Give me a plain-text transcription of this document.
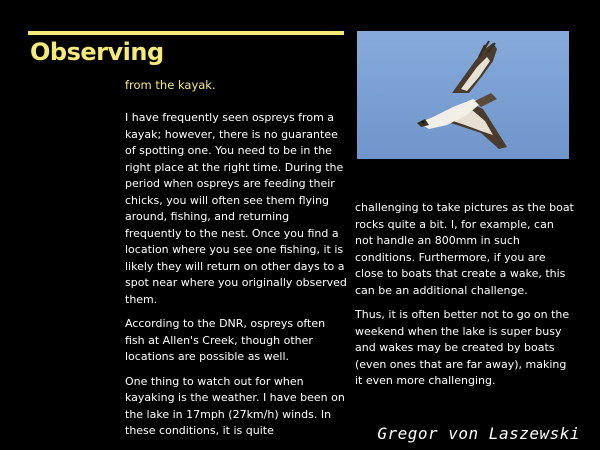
Observing
from the kayak.

I have frequently seen ospreys from a kayak; however, there is no guarantee of spotting one. You need to be in the right place at the right time. During the period when ospreys are feeding their chicks, you will often see them flying around, fishing, and returning frequently to the nest. Once you find a location where you see one fishing, it is likely they will return on other days to a spot near where you originally observed them.

According to the DNR, ospreys often fish at Allen's Creek, though other locations are possible as well.

One thing to watch out for when kayaking is the weather. I have been on the lake in 17mph (27km/h) winds. In these conditions, it is quite

challenging to take pictures as the boat rocks quite a bit. I, for example, can not handle an 800mm in such conditions. Furthermore, if you are close to boats that create a wake, this can be an additional challenge.

Thus, it is often better not to go on the weekend when the lake is super busy and wakes may be created by boats (even ones that are far away), making it even more challenging.

Gregor von Laszewski
